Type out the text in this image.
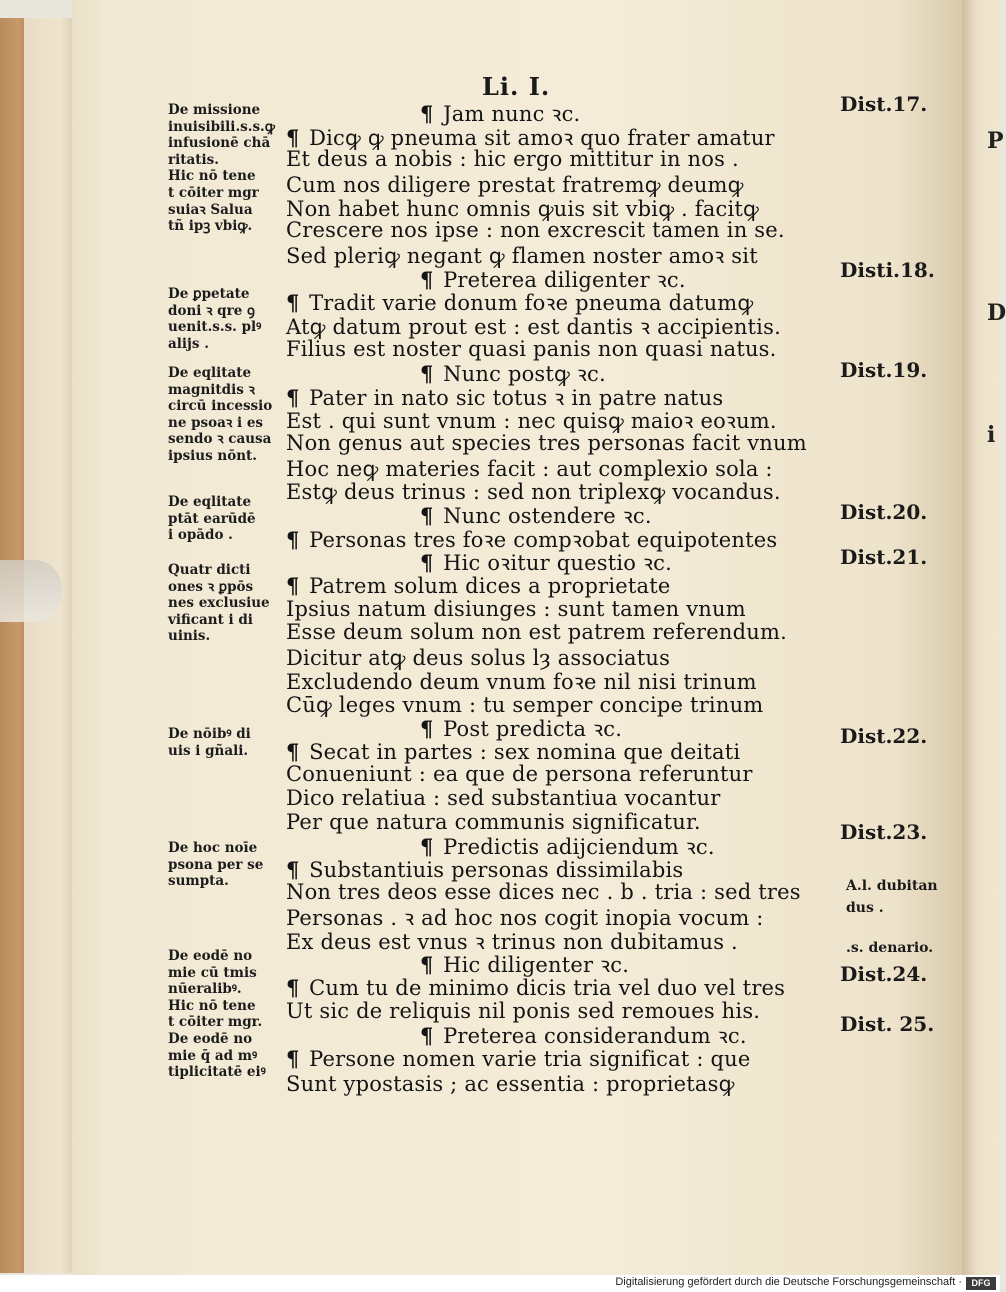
P
D
i
Li. I.
¶ Jam nunc ꝛc.
¶ Dicꝙ ꝙ pneuma sit amoꝛ quo frater amatur
Et deus a nobis : hic ergo mittitur in nos .
Cum nos diligere prestat fratremꝙ deumꝙ
Non habet hunc omnis ꝙuis sit vbiꝙ . facitꝙ
Crescere nos ipse : non excrescit tamen in se.
Sed pleriꝙ negant ꝙ flamen noster amoꝛ sit
¶ Preterea diligenter ꝛc.
¶ Tradit varie donum foꝛe pneuma datumꝙ
Atꝙ datum prout est : est dantis ꝛ accipientis.
Filius est noster quasi panis non quasi natus.
¶ Nunc postꝙ ꝛc.
¶ Pater in nato sic totus ꝛ in patre natus
Est . qui sunt vnum : nec quisꝙ maioꝛ eoꝛum.
Non genus aut species tres personas facit vnum
Hoc neꝙ materies facit : aut complexio sola :
Estꝙ deus trinus : sed non triplexꝙ vocandus.
¶ Nunc ostendere ꝛc.
¶ Personas tres foꝛe compꝛobat equipotentes
¶ Hic oꝛitur questio ꝛc.
¶ Patrem solum dices a proprietate
Ipsius natum disiunges : sunt tamen vnum
Esse deum solum non est patrem referendum.
Dicitur atꝙ deus solus lȝ associatus
Excludendo deum vnum foꝛe nil nisi trinum
Cūꝙ leges vnum : tu semper concipe trinum
¶ Post predicta ꝛc.
¶ Secat in partes : sex nomina que deitati
Conueniunt : ea que de persona referuntur
Dico relatiua : sed substantiua vocantur
Per que natura communis significatur.
¶ Predictis adijciendum ꝛc.
¶ Substantiuis personas dissimilabis
Non tres deos esse dices nec . b . tria : sed tres
Personas . ꝛ ad hoc nos cogit inopia vocum :
Ex deus est vnus ꝛ trinus non dubitamus .
¶ Hic diligenter ꝛc.
¶ Cum tu de minimo dicis tria vel duo vel tres
Ut sic de reliquis nil ponis sed remoues his.
¶ Preterea considerandum ꝛc.
¶ Persone nomen varie tria significat : que
Sunt ypostasis ; ac essentia : proprietasꝙ
De missione
inuisibili.s.s.ꝙ
infusionē chā
ritatis.
Hic nō tene
t cōiter mgr
suiaꝛ Salua
tñ ipꝫ vbiꝙ.
De ꝑpetate
doni ꝛ qre ꝯ
uenit.s.s. plꝰ
alijs .
De eqlitate
magnitdis ꝛ
circū incessio
ne psoaꝛ i es
sendo ꝛ causa
ipsius nōnt.
De eqlitate
ptāt earūdē
i opādo .
Quatr dicti
ones ꝛ ꝑpōs
nes exclusiue
vificant i di
uinis.
De nōibꝰ di
uis i gñali.
De hoc noīe
psona per se
sumpta.
De eodē no
mie cū tmis
nūeralibꝰ.
Hic nō tene
t cōiter mgr.
De eodē no
mie q̄ ad mꝰ
tiplicitatē eiꝰ
Dist.17.
Disti.18.
Dist.19.
Dist.20.
Dist.21.
Dist.22.
Dist.23.
A.l. dubitan
dus .
.s. denario.
Dist.24.
Dist. 25.
Digitalisierung gefördert durch die Deutsche Forschungsgemeinschaft ·	DFG
